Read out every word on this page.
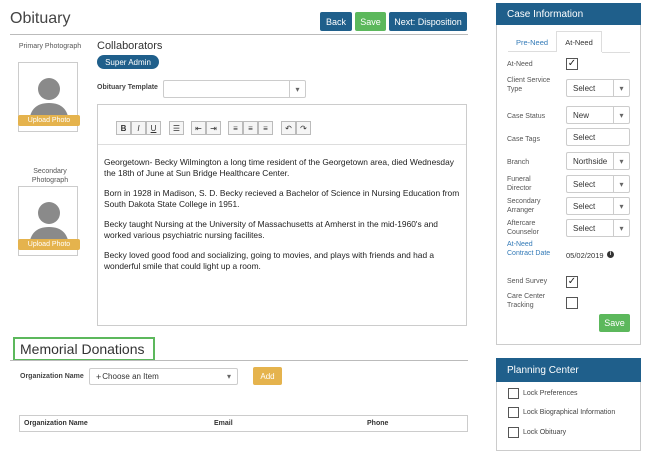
Obituary	Back	Save	Next: Disposition
Primary Photograph
Upload Photo
Secondary Photograph
Upload Photo
Collaborators
Super Admin
Obituary Template	▾
B	I	U	☰	⇤	⇥	≡	≡	≡	↶	↷

Georgetown- Becky Wilmington a long time resident of the Georgetown area, died Wednesday the 18th of June at Sun Bridge Healthcare Center.

Born in 1928 in Madison, S. D. Becky recieved a Bachelor of Science in Nursing Education from South Dakota State College in 1951.

Becky taught Nursing at the University of Massachusetts at Amherst in the mid-1960's and worked various psychiatric nursing facilites.

Becky loved good food and socializing, going to movies, and plays with friends and had a wonderful smile that could light up a room.

Memorial Donations
Organization Name + Choose an Item	▾	Add
Organization Name	Email	Phone
Case Information
Pre-Need	At-Need
At-Need	✓
Client Service Type	Select	▾
Case Status	New	▾
Case Tags	Select
Branch	Northside	▾
Funeral Director	Select	▾
Secondary Arranger	Select	▾
Aftercare Counselor	Select	▾
At-Need Contract Date	05/02/2019	i
Send Survey	✓
Care Center Tracking
Save
Planning Center
Lock Preferences
Lock Biographical Information
Lock Obituary
